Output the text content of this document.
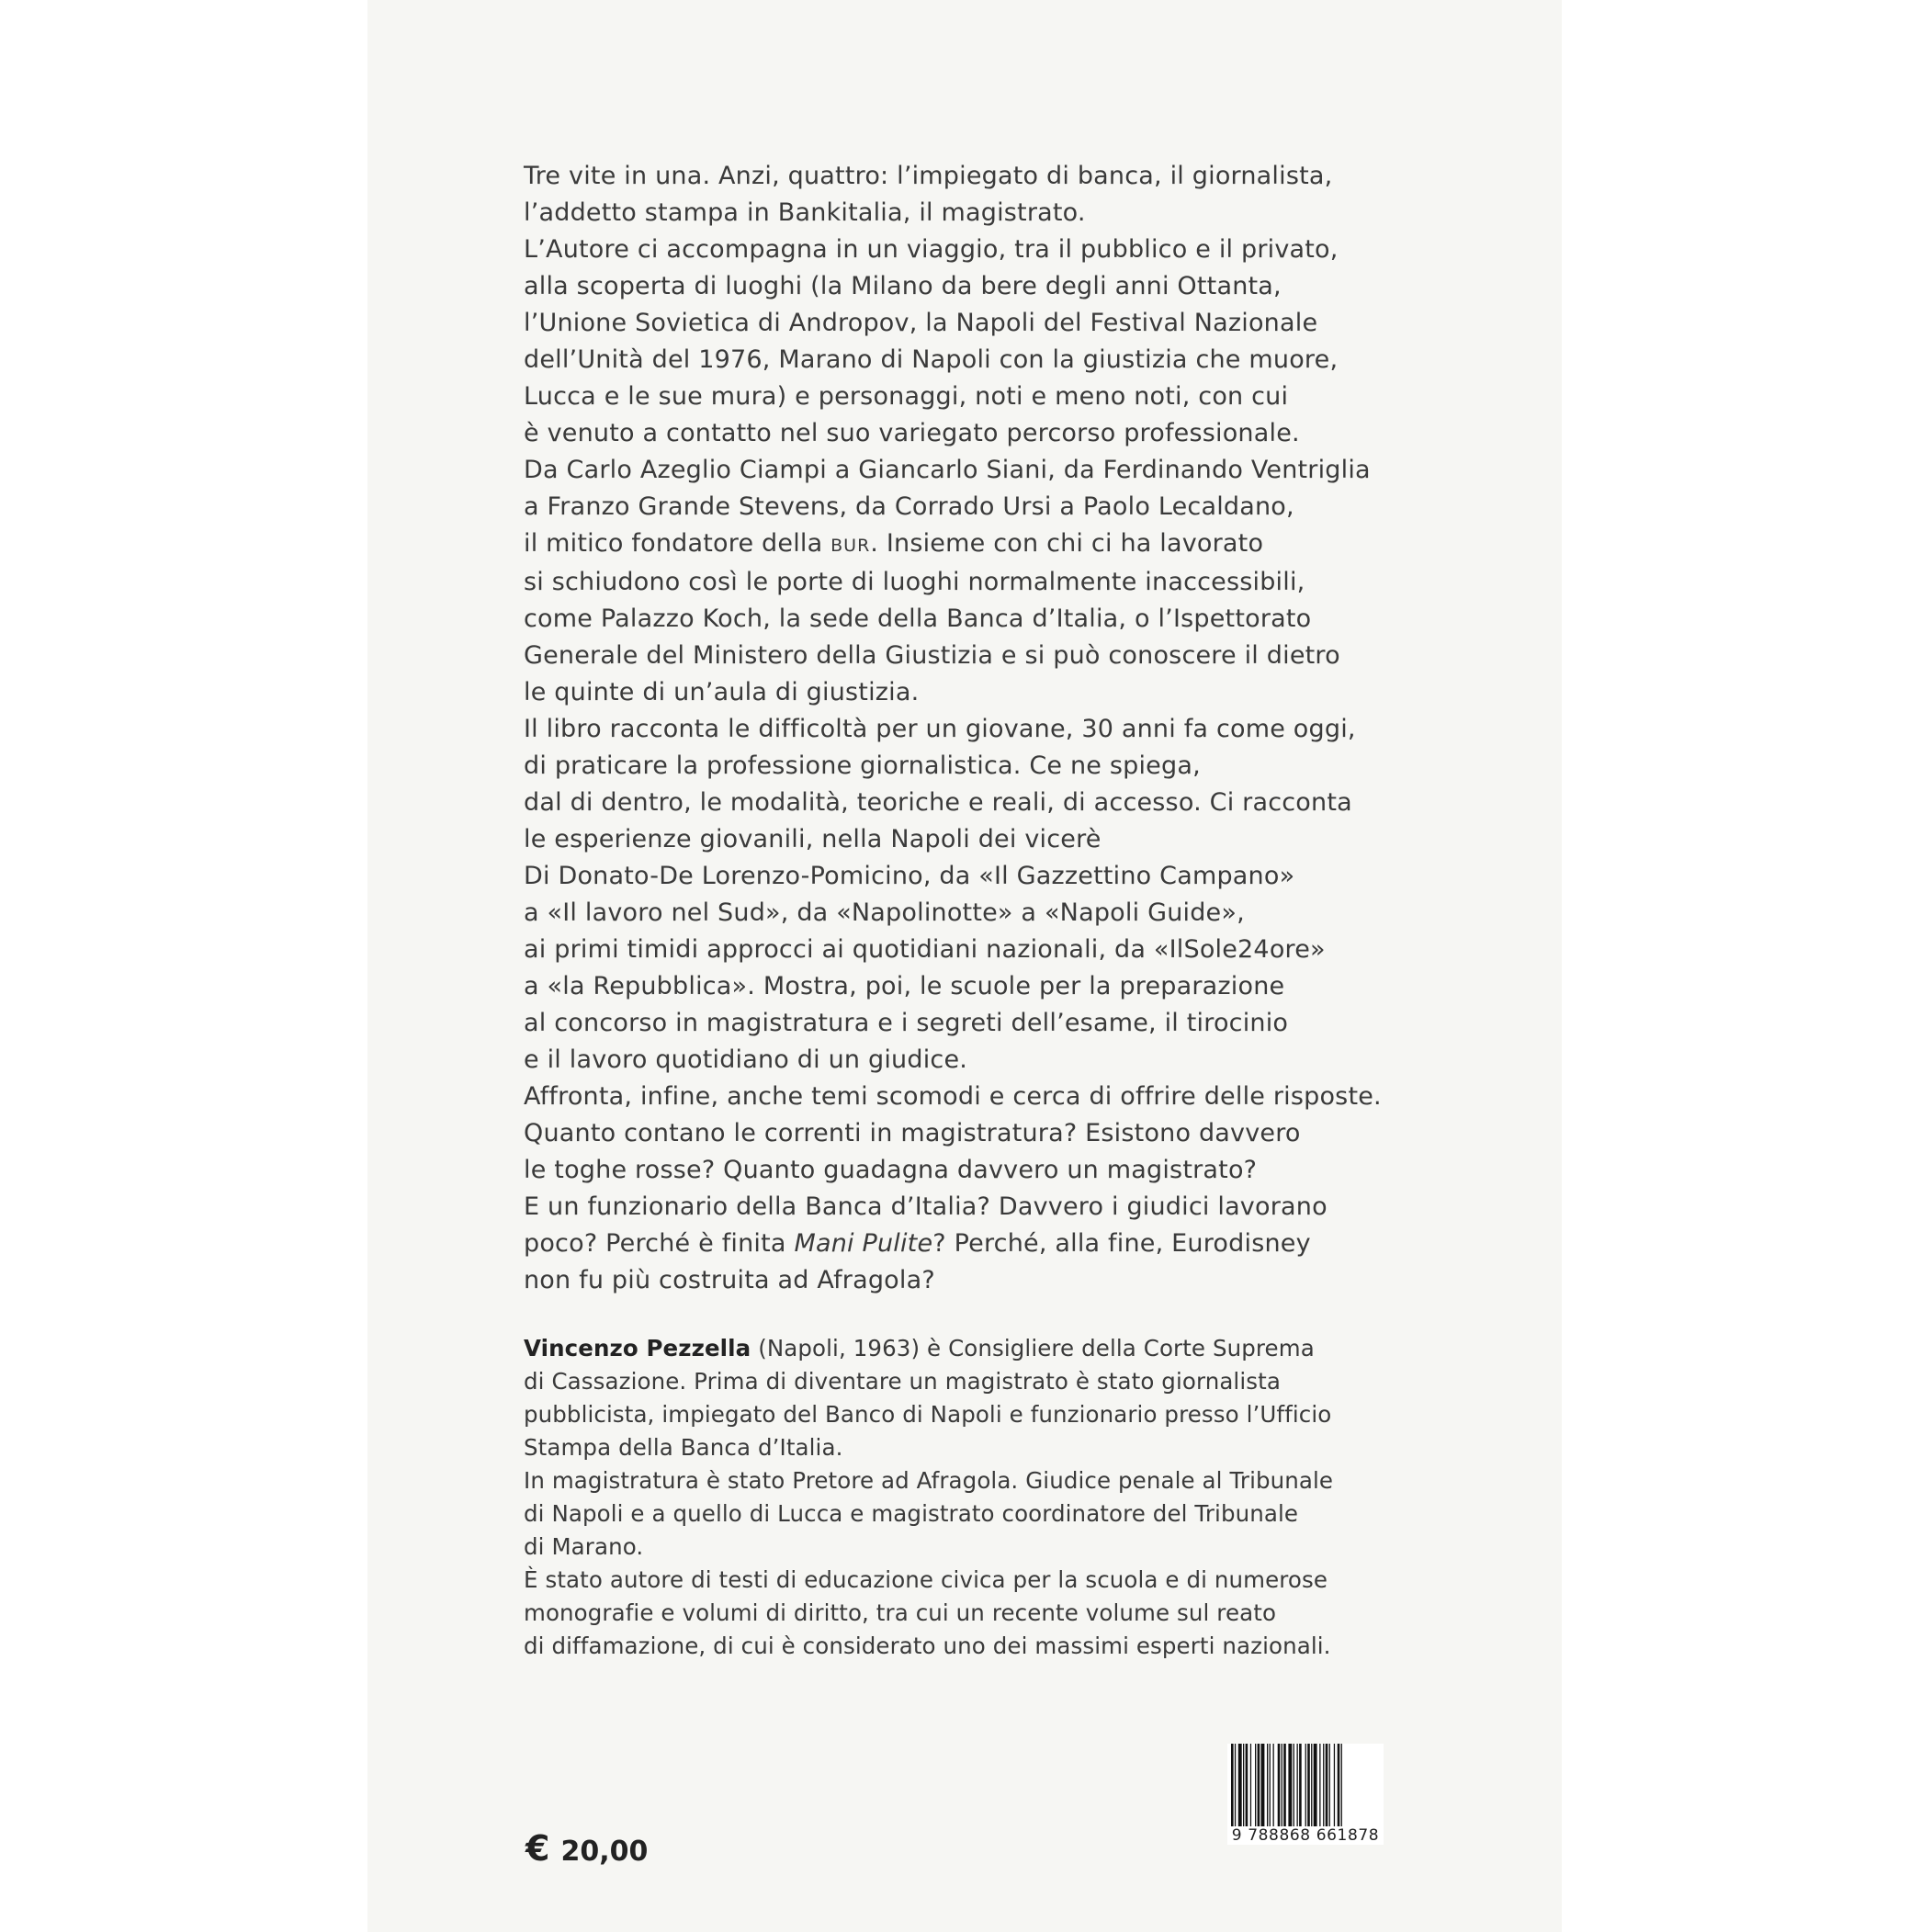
Tre vite in una. Anzi, quattro: l’impiegato di banca, il giornalista,

l’addetto stampa in Bankitalia, il magistrato.

L’Autore ci accompagna in un viaggio, tra il pubblico e il privato,

alla scoperta di luoghi (la Milano da bere degli anni Ottanta,

l’Unione Sovietica di Andropov, la Napoli del Festival Nazionale

dell’Unità del 1976, Marano di Napoli con la giustizia che muore,

Lucca e le sue mura) e personaggi, noti e meno noti, con cui

è venuto a contatto nel suo variegato percorso professionale.

Da Carlo Azeglio Ciampi a Giancarlo Siani, da Ferdinando Ventriglia

a Franzo Grande Stevens, da Corrado Ursi a Paolo Lecaldano,

il mitico fondatore della BUR. Insieme con chi ci ha lavorato

si schiudono così le porte di luoghi normalmente inaccessibili,

come Palazzo Koch, la sede della Banca d’Italia, o l’Ispettorato

Generale del Ministero della Giustizia e si può conoscere il dietro

le quinte di un’aula di giustizia.

Il libro racconta le difficoltà per un giovane, 30 anni fa come oggi,

di praticare la professione giornalistica. Ce ne spiega,

dal di dentro, le modalità, teoriche e reali, di accesso. Ci racconta

le esperienze giovanili, nella Napoli dei vicerè

Di Donato-De Lorenzo-Pomicino, da «Il Gazzettino Campano»

a «Il lavoro nel Sud», da «Napolinotte» a «Napoli Guide»,

ai primi timidi approcci ai quotidiani nazionali, da «IlSole24ore»

a «la Repubblica». Mostra, poi, le scuole per la preparazione

al concorso in magistratura e i segreti dell’esame, il tirocinio

e il lavoro quotidiano di un giudice.

Affronta, infine, anche temi scomodi e cerca di offrire delle risposte.

Quanto contano le correnti in magistratura? Esistono davvero

le toghe rosse? Quanto guadagna davvero un magistrato?

E un funzionario della Banca d’Italia? Davvero i giudici lavorano

poco? Perché è finita Mani Pulite? Perché, alla fine, Eurodisney

non fu più costruita ad Afragola?

Vincenzo Pezzella (Napoli, 1963) è Consigliere della Corte Suprema

di Cassazione. Prima di diventare un magistrato è stato giornalista

pubblicista, impiegato del Banco di Napoli e funzionario presso l’Ufficio

Stampa della Banca d’Italia.

In magistratura è stato Pretore ad Afragola. Giudice penale al Tribunale

di Napoli e a quello di Lucca e magistrato coordinatore del Tribunale

di Marano.

È stato autore di testi di educazione civica per la scuola e di numerose

monografie e volumi di diritto, tra cui un recente volume sul reato

di diffamazione, di cui è considerato uno dei massimi esperti nazionali.

€ 20,00	9 788868 661878
